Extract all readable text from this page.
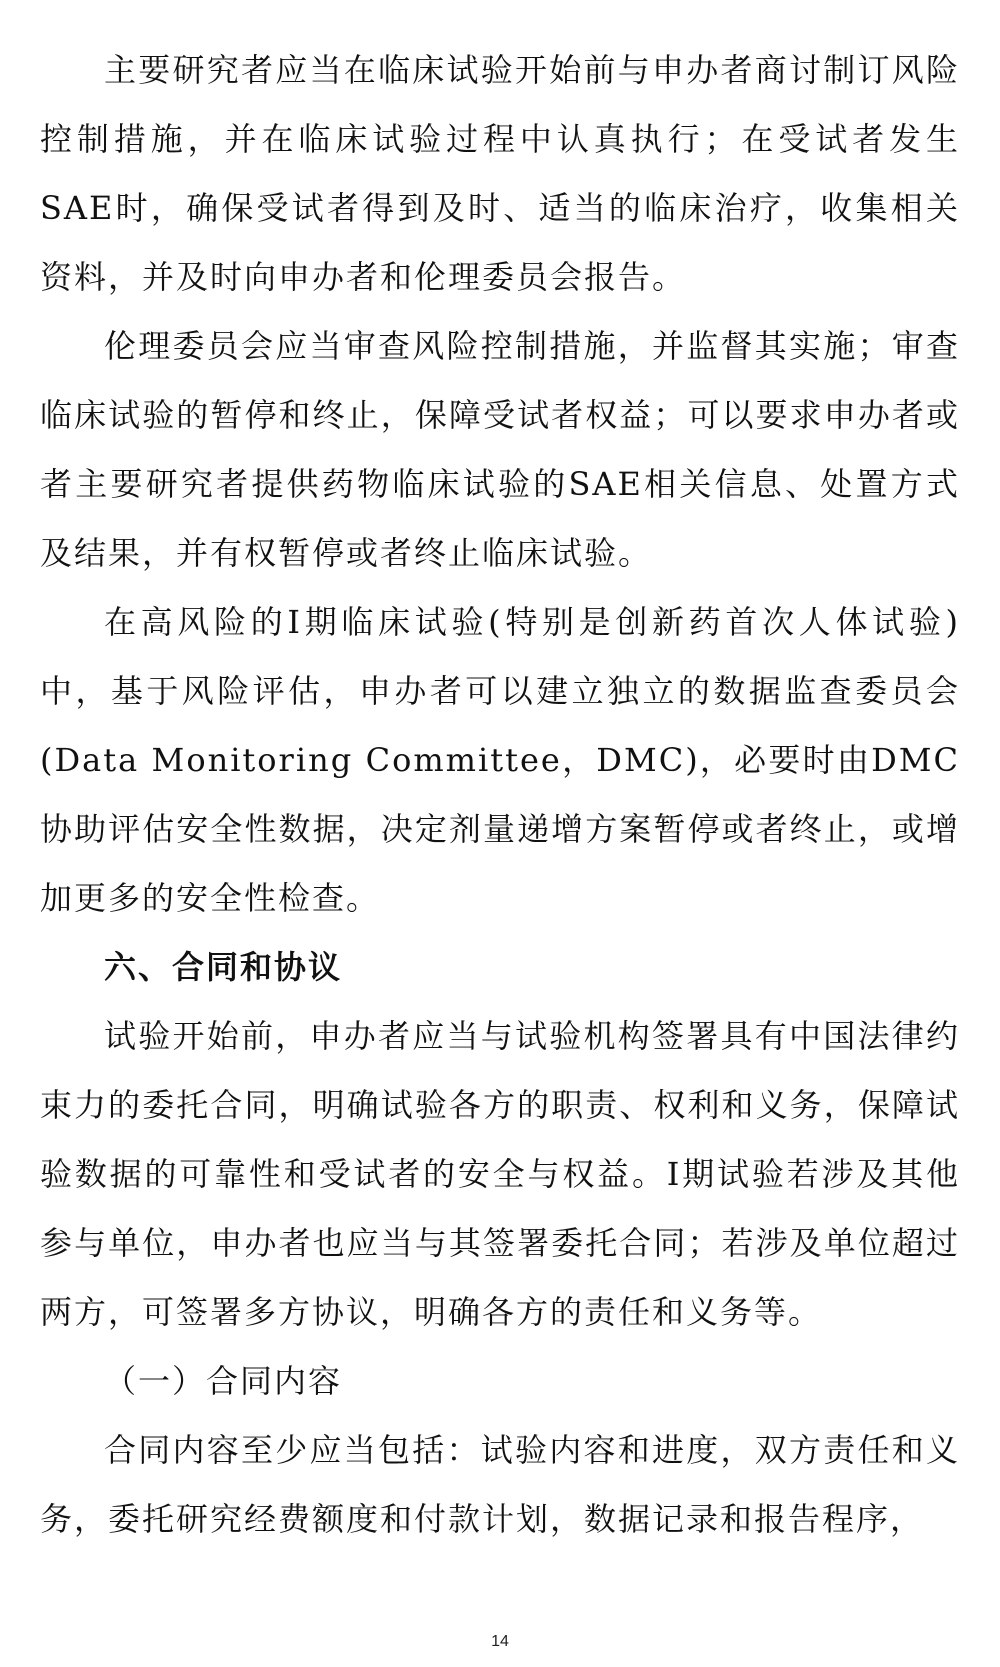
主要研究者应当在临床试验开始前与申办者商讨制订风险控制措施，并在临床试验过程中认真执行；在受试者发生SAE时，确保受试者得到及时、适当的临床治疗，收集相关资料，并及时向申办者和伦理委员会报告。

伦理委员会应当审查风险控制措施，并监督其实施；审查临床试验的暂停和终止，保障受试者权益；可以要求申办者或者主要研究者提供药物临床试验的SAE相关信息、处置方式及结果，并有权暂停或者终止临床试验。

在高风险的I期临床试验(特别是创新药首次人体试验)中，基于风险评估，申办者可以建立独立的数据监查委员会(Data Monitoring Committee，DMC)，必要时由DMC协助评估安全性数据，决定剂量递增方案暂停或者终止，或增加更多的安全性检查。

六、合同和协议

试验开始前，申办者应当与试验机构签署具有中国法律约束力的委托合同，明确试验各方的职责、权利和义务，保障试验数据的可靠性和受试者的安全与权益。I期试验若涉及其他参与单位，申办者也应当与其签署委托合同；若涉及单位超过两方，可签署多方协议，明确各方的责任和义务等。

（一）合同内容

合同内容至少应当包括：试验内容和进度，双方责任和义务，委托研究经费额度和付款计划，数据记录和报告程序，

14
